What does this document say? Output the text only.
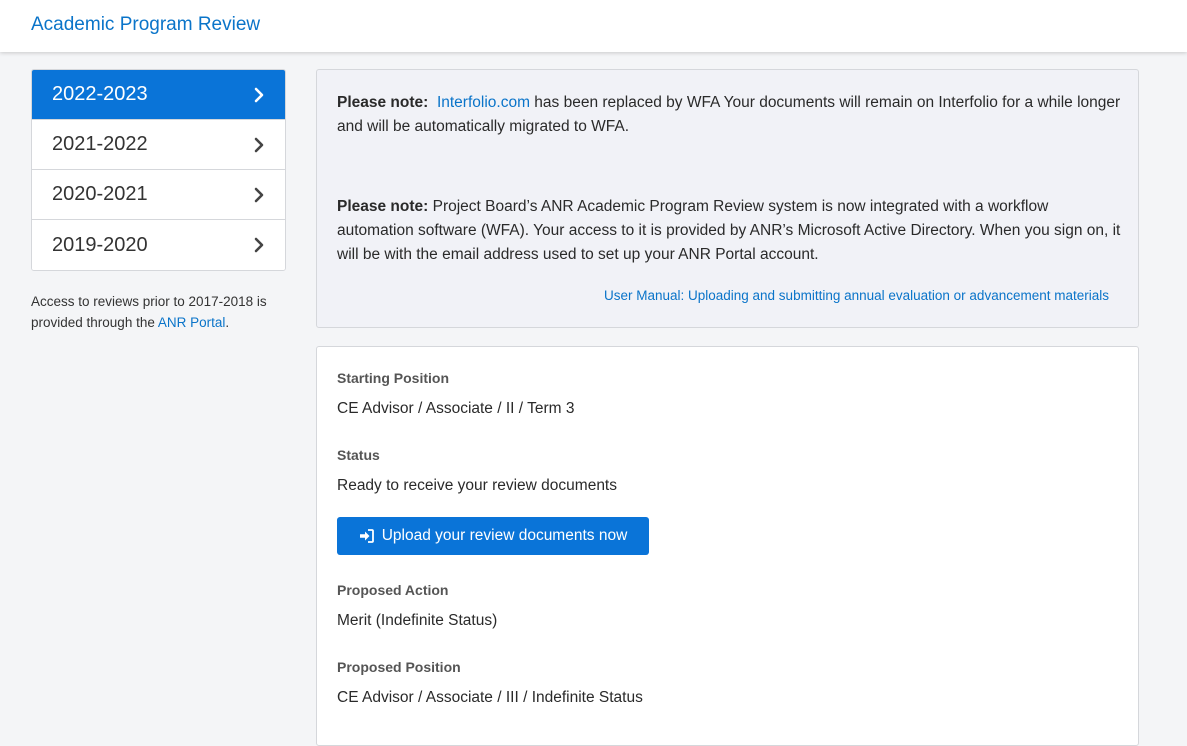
Academic Program Review
2022-2023
2021-2022
2020-2021
2019-2020
Access to reviews prior to 2017-2018 is provided through the ANR Portal.

Please note: Interfolio.com has been replaced by WFA Your documents will remain on Interfolio for a while longer and will be automatically migrated to WFA.

Please note: Project Board’s ANR Academic Program Review system is now integrated with a workflow automation software (WFA). Your access to it is provided by ANR’s Microsoft Active Directory. When you sign on, it will be with the email address used to set up your ANR Portal account.

User Manual: Uploading and submitting annual evaluation or advancement materials
Starting Position
CE Advisor / Associate / II / Term 3
Status
Ready to receive your review documents
Upload your review documents now
Proposed Action
Merit (Indefinite Status)
Proposed Position
CE Advisor / Associate / III / Indefinite Status
